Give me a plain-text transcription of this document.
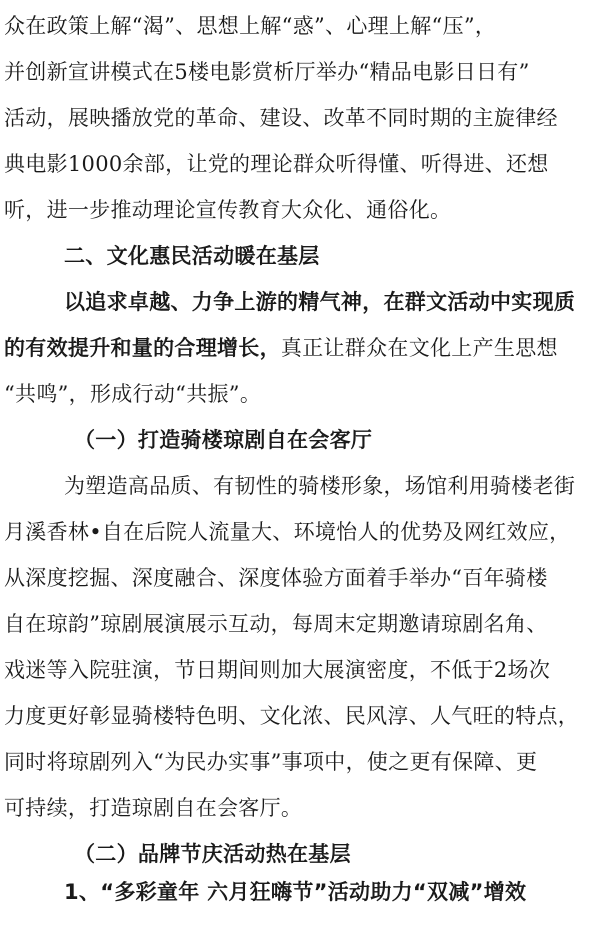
众在政策上解“渴”、思想上解“惑”、心理上解“压”，
并创新宣讲模式在5楼电影赏析厅举办“精品电影日日有”
活动，展映播放党的革命、建设、改革不同时期的主旋律经
典电影1000余部，让党的理论群众听得懂、听得进、还想
听，进一步推动理论宣传教育大众化、通俗化。
二、文化惠民活动暖在基层
以追求卓越、力争上游的精气神，在群文活动中实现质
的有效提升和量的合理增长，真正让群众在文化上产生思想
“共鸣”，形成行动“共振”。
（一）打造骑楼琼剧自在会客厅
为塑造高品质、有韧性的骑楼形象，场馆利用骑楼老街
月溪香林•自在后院人流量大、环境怡人的优势及网红效应，
从深度挖掘、深度融合、深度体验方面着手举办“百年骑楼
自在琼韵”琼剧展演展示互动，每周末定期邀请琼剧名角、
戏迷等入院驻演，节日期间则加大展演密度，不低于2场次
力度更好彰显骑楼特色明、文化浓、民风淳、人气旺的特点，
同时将琼剧列入“为民办实事”事项中，使之更有保障、更
可持续，打造琼剧自在会客厅。
（二）品牌节庆活动热在基层
1、“多彩童年 六月狂嗨节”活动助力“双减”增效
